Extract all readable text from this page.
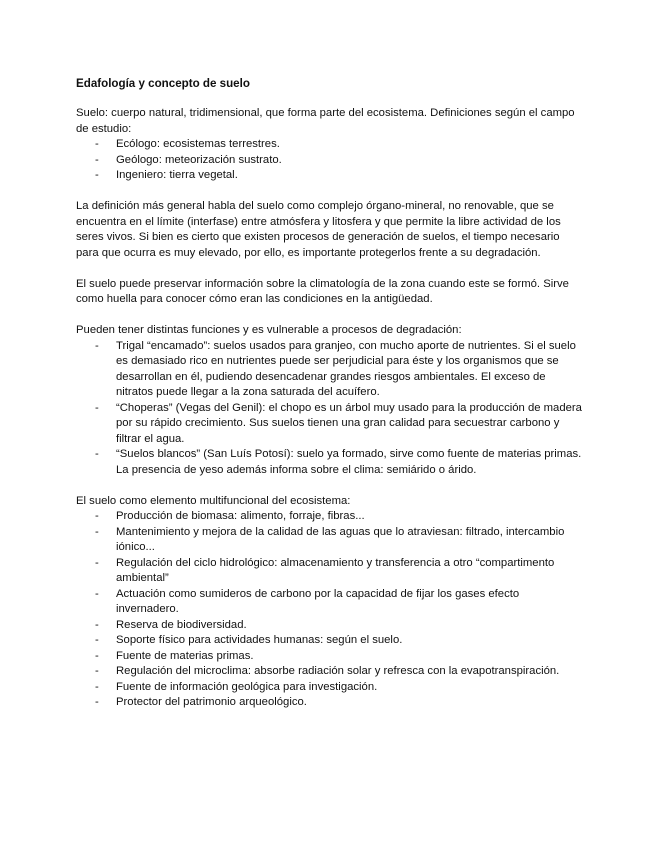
Edafología y concepto de suelo

Suelo: cuerpo natural, tridimensional, que forma parte del ecosistema. Definiciones según el campo de estudio:

- Ecólogo: ecosistemas terrestres.
- Geólogo: meteorización sustrato.
- Ingeniero: tierra vegetal.

La definición más general habla del suelo como complejo órgano-mineral, no renovable, que se encuentra en el límite (interfase) entre atmósfera y litosfera y que permite la libre actividad de los seres vivos. Si bien es cierto que existen procesos de generación de suelos, el tiempo necesario para que ocurra es muy elevado, por ello, es importante protegerlos frente a su degradación.

El suelo puede preservar información sobre la climatología de la zona cuando este se formó. Sirve como huella para conocer cómo eran las condiciones en la antigüedad.

Pueden tener distintas funciones y es vulnerable a procesos de degradación:

- Trigal “encamado”: suelos usados para granjeo, con mucho aporte de nutrientes. Si el suelo es demasiado rico en nutrientes puede ser perjudicial para éste y los organismos que se desarrollan en él, pudiendo desencadenar grandes riesgos ambientales. El exceso de nitratos puede llegar a la zona saturada del acuífero.
- “Choperas” (Vegas del Genil): el chopo es un árbol muy usado para la producción de madera por su rápido crecimiento. Sus suelos tienen una gran calidad para secuestrar carbono y filtrar el agua.
- “Suelos blancos” (San Luís Potosí): suelo ya formado, sirve como fuente de materias primas. La presencia de yeso además informa sobre el clima: semiárido o árido.

El suelo como elemento multifuncional del ecosistema:

- Producción de biomasa: alimento, forraje, fibras...
- Mantenimiento y mejora de la calidad de las aguas que lo atraviesan: filtrado, intercambio iónico...
- Regulación del ciclo hidrológico: almacenamiento y transferencia a otro “compartimento ambiental”
- Actuación como sumideros de carbono por la capacidad de fijar los gases efecto invernadero.
- Reserva de biodiversidad.
- Soporte físico para actividades humanas: según el suelo.
- Fuente de materias primas.
- Regulación del microclima: absorbe radiación solar y refresca con la evapotranspiración.
- Fuente de información geológica para investigación.
- Protector del patrimonio arqueológico.
